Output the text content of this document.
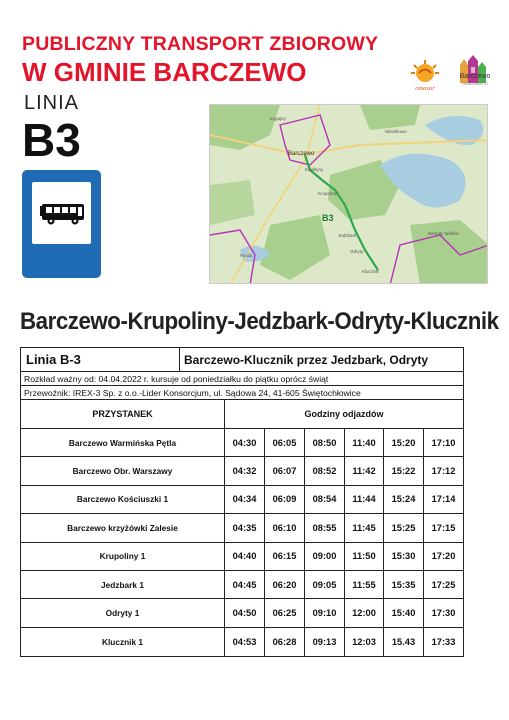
PUBLICZNY TRANSPORT ZBIOROWY
W GMINIE BARCZEWO
omasur
Barczewo
GMINA MIASTO
LINIA
B3
B3
Barczewo
Kaplityny
Jedzbark
Odryty
Klucznik
Krupoliny
Purda
Bartołty Wielkie
Łęgajny
Nikielkowo
Barczewo-Krupoliny-Jedzbark-Odryty-Klucznik
Linia B-3	Barczewo-Klucznik przez Jedzbark, Odryty
Rozkład ważny od: 04.04.2022 r. kursuje od poniedziałku do piątku oprócz świąt
Przewoźnik: IREX-3 Sp. z o.o.-Lider Konsorcjum, ul. Sądowa 24, 41-605 Świętochłowice
PRZYSTANEK	Godziny odjazdów
Barczewo Warmińska Pętla	04:30	06:05	08:50	11:40	15:20	17:10
Barczewo Obr. Warszawy	04:32	06:07	08:52	11:42	15:22	17:12
Barczewo Kościuszki 1	04:34	06:09	08:54	11:44	15:24	17:14
Barczewo krzyżówki Zalesie	04:35	06:10	08:55	11:45	15:25	17:15
Krupoliny 1	04:40	06:15	09:00	11:50	15:30	17:20
Jedzbark 1	04:45	06:20	09:05	11:55	15:35	17:25
Odryty 1	04:50	06:25	09:10	12:00	15:40	17:30
Klucznik 1	04:53	06:28	09:13	12:03	15.43	17:33
